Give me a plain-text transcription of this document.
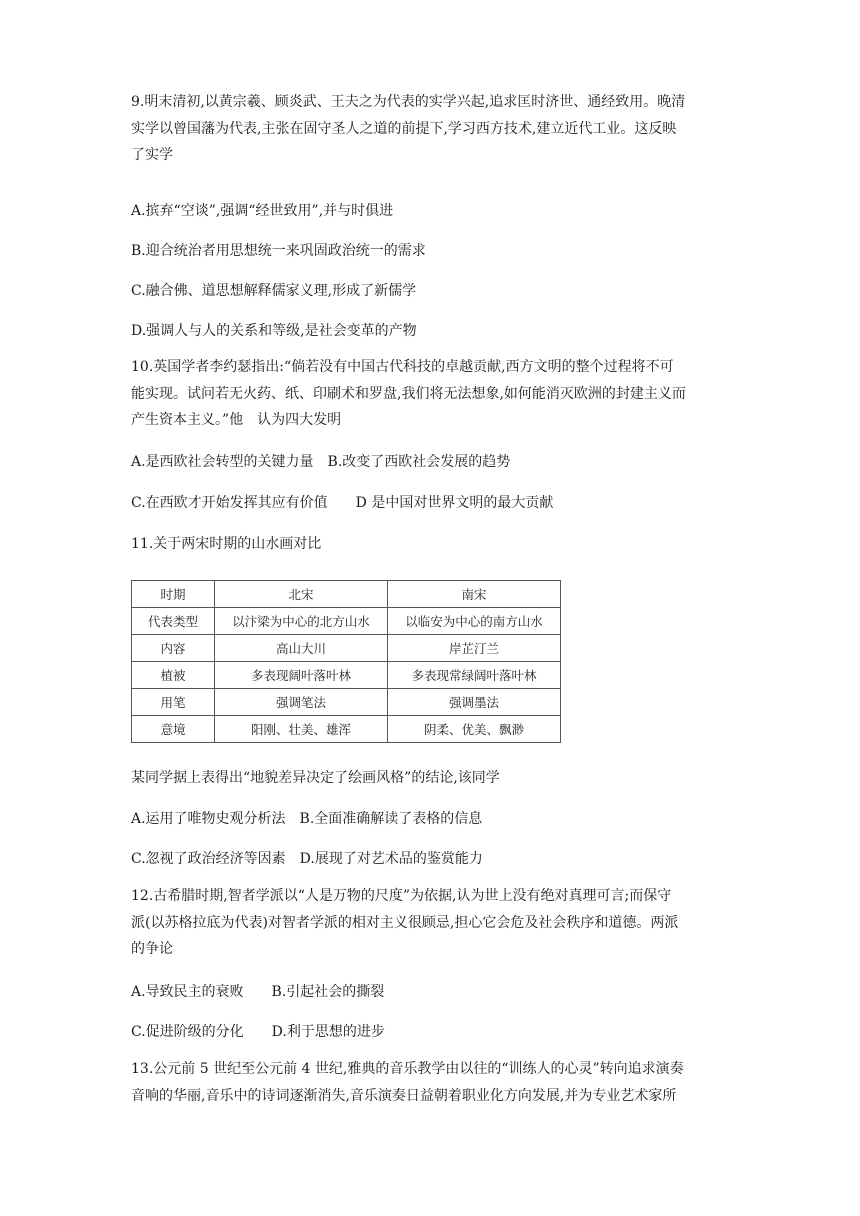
9.明末清初,以黄宗羲、顾炎武、王夫之为代表的实学兴起,追求匡时济世、通经致用。晚清
实学以曾国藩为代表,主张在固守圣人之道的前提下,学习西方技术,建立近代工业。这反映
了实学

A.摈弃“空谈”,强调“经世致用”,并与时俱进

B.迎合统治者用思想统一来巩固政治统一的需求

C.融合佛、道思想解释儒家义理,形成了新儒学

D.强调人与人的关系和等级,是社会变革的产物

10.英国学者李约瑟指出:“倘若没有中国古代科技的卓越贡献,西方文明的整个过程将不可
能实现。试问若无火药、纸、印刷术和罗盘,我们将无法想象,如何能消灭欧洲的封建主义而
产生资本主义。”他　认为四大发明

A.是西欧社会转型的关键力量　B.改变了西欧社会发展的趋势

C.在西欧才开始发挥其应有价值　　D 是中国对世界文明的最大贡献

11.关于两宋时期的山水画对比

时期	北宋	南宋
代表类型	以汴梁为中心的北方山水	以临安为中心的南方山水
内容	高山大川	岸芷汀兰
植被	多表现阔叶落叶林	多表现常绿阔叶落叶林
用笔	强调笔法	强调墨法
意境	阳刚、壮美、雄浑	阴柔、优美、飘渺

某同学据上表得出“地貌差异决定了绘画风格”的结论,该同学

A.运用了唯物史观分析法　B.全面准确解读了表格的信息

C.忽视了政治经济等因素　D.展现了对艺术品的鉴赏能力

12.古希腊时期,智者学派以“人是万物的尺度”为依据,认为世上没有绝对真理可言;而保守
派(以苏格拉底为代表)对智者学派的相对主义很顾忌,担心它会危及社会秩序和道德。两派
的争论

A.导致民主的衰败　　B.引起社会的撕裂

C.促进阶级的分化　　D.利于思想的进步

13.公元前 5 世纪至公元前 4 世纪,雅典的音乐教学由以往的“训练人的心灵”转向追求演奏
音响的华丽,音乐中的诗词逐渐消失,音乐演奏日益朝着职业化方向发展,并为专业艺术家所
